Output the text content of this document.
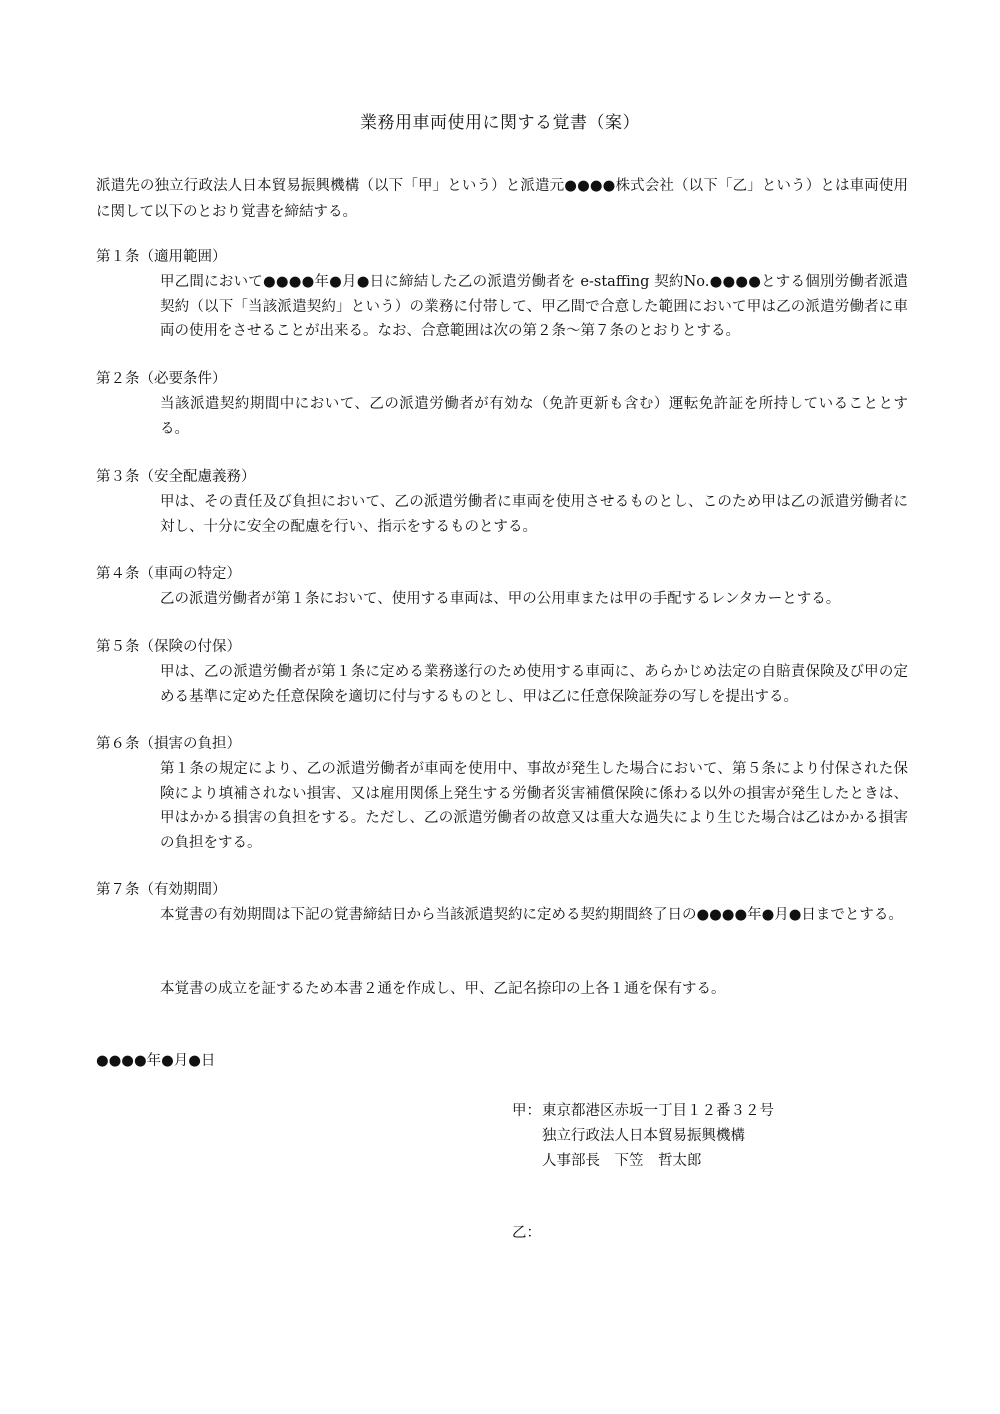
業務用車両使用に関する覚書（案）
派遣先の独立行政法人日本貿易振興機構（以下「甲」という）と派遣元●●●●株式会社（以下「乙」という）とは車両使用に関して以下のとおり覚書を締結する。
第１条（適用範囲）
甲乙間において●●●●年●月●日に締結した乙の派遣労働者を e-staffing 契約No.●●●●とする個別労働者派遣契約（以下「当該派遣契約」という）の業務に付帯して、甲乙間で合意した範囲において甲は乙の派遣労働者に車両の使用をさせることが出来る。なお、合意範囲は次の第２条～第７条のとおりとする。
第２条（必要条件）
当該派遣契約期間中において、乙の派遣労働者が有効な（免許更新も含む）運転免許証を所持していることとする。
第３条（安全配慮義務）
甲は、その責任及び負担において、乙の派遣労働者に車両を使用させるものとし、このため甲は乙の派遣労働者に対し、十分に安全の配慮を行い、指示をするものとする。
第４条（車両の特定）
乙の派遣労働者が第１条において、使用する車両は、甲の公用車または甲の手配するレンタカーとする。
第５条（保険の付保）
甲は、乙の派遣労働者が第１条に定める業務遂行のため使用する車両に、あらかじめ法定の自賠責保険及び甲の定める基準に定めた任意保険を適切に付与するものとし、甲は乙に任意保険証券の写しを提出する。
第６条（損害の負担）
第１条の規定により、乙の派遣労働者が車両を使用中、事故が発生した場合において、第５条により付保された保険により填補されない損害、又は雇用関係上発生する労働者災害補償保険に係わる以外の損害が発生したときは、甲はかかる損害の負担をする。ただし、乙の派遣労働者の故意又は重大な過失により生じた場合は乙はかかる損害の負担をする。
第７条（有効期間）
本覚書の有効期間は下記の覚書締結日から当該派遣契約に定める契約期間終了日の●●●●年●月●日までとする。
本覚書の成立を証するため本書２通を作成し、甲、乙記名捺印の上各１通を保有する。
●●●●年●月●日
甲： 東京都港区赤坂一丁目１２番３２号
独立行政法人日本貿易振興機構
人事部長　下笠　哲太郎
乙：
